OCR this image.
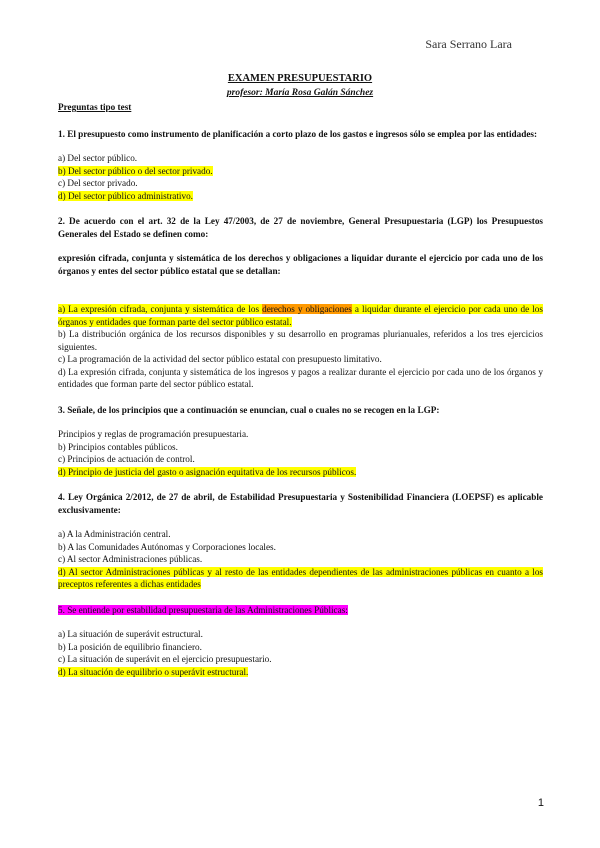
Sara Serrano Lara
EXAMEN PRESUPUESTARIO
profesor: María Rosa Galán Sánchez

Preguntas tipo test

1. El presupuesto como instrumento de planificación a corto plazo de los gastos e ingresos sólo se emplea por las entidades:

a) Del sector público.

b) Del sector público o del sector privado.

c) Del sector privado.

d) Del sector público administrativo.

2. De acuerdo con el art. 32 de la Ley 47/2003, de 27 de noviembre, General Presupuestaria (LGP) los Presupuestos Generales del Estado se definen como:

expresión cifrada, conjunta y sistemática de los derechos y obligaciones a liquidar durante el ejercicio por cada uno de los órganos y entes del sector público estatal que se detallan:

a) La expresión cifrada, conjunta y sistemática de los derechos y obligaciones a liquidar durante el ejercicio por cada uno de los órganos y entidades que forman parte del sector público estatal.

b) La distribución orgánica de los recursos disponibles y su desarrollo en programas plurianuales, referidos a los tres ejercicios siguientes.

c) La programación de la actividad del sector público estatal con presupuesto limitativo.

d) La expresión cifrada, conjunta y sistemática de los ingresos y pagos a realizar durante el ejercicio por cada uno de los órganos y entidades que forman parte del sector público estatal.

3. Señale, de los principios que a continuación se enuncian, cual o cuales no se recogen en la LGP:

Principios y reglas de programación presupuestaria.

b) Principios contables públicos.

c) Principios de actuación de control.

d) Principio de justicia del gasto o asignación equitativa de los recursos públicos.

4. Ley Orgánica 2/2012, de 27 de abril, de Estabilidad Presupuestaria y Sostenibilidad Financiera (LOEPSF) es aplicable exclusivamente:

a) A la Administración central.

b) A las Comunidades Autónomas y Corporaciones locales.

c) Al sector Administraciones públicas.

d) Al sector Administraciones públicas y al resto de las entidades dependientes de las administraciones públicas en cuanto a los preceptos referentes a dichas entidades

5. Se entiende por estabilidad presupuestaria de las Administraciones Públicas:

a) La situación de superávit estructural.

b) La posición de equilibrio financiero.

c) La situación de superávit en el ejercicio presupuestario.

d) La situación de equilibrio o superávit estructural.

1
